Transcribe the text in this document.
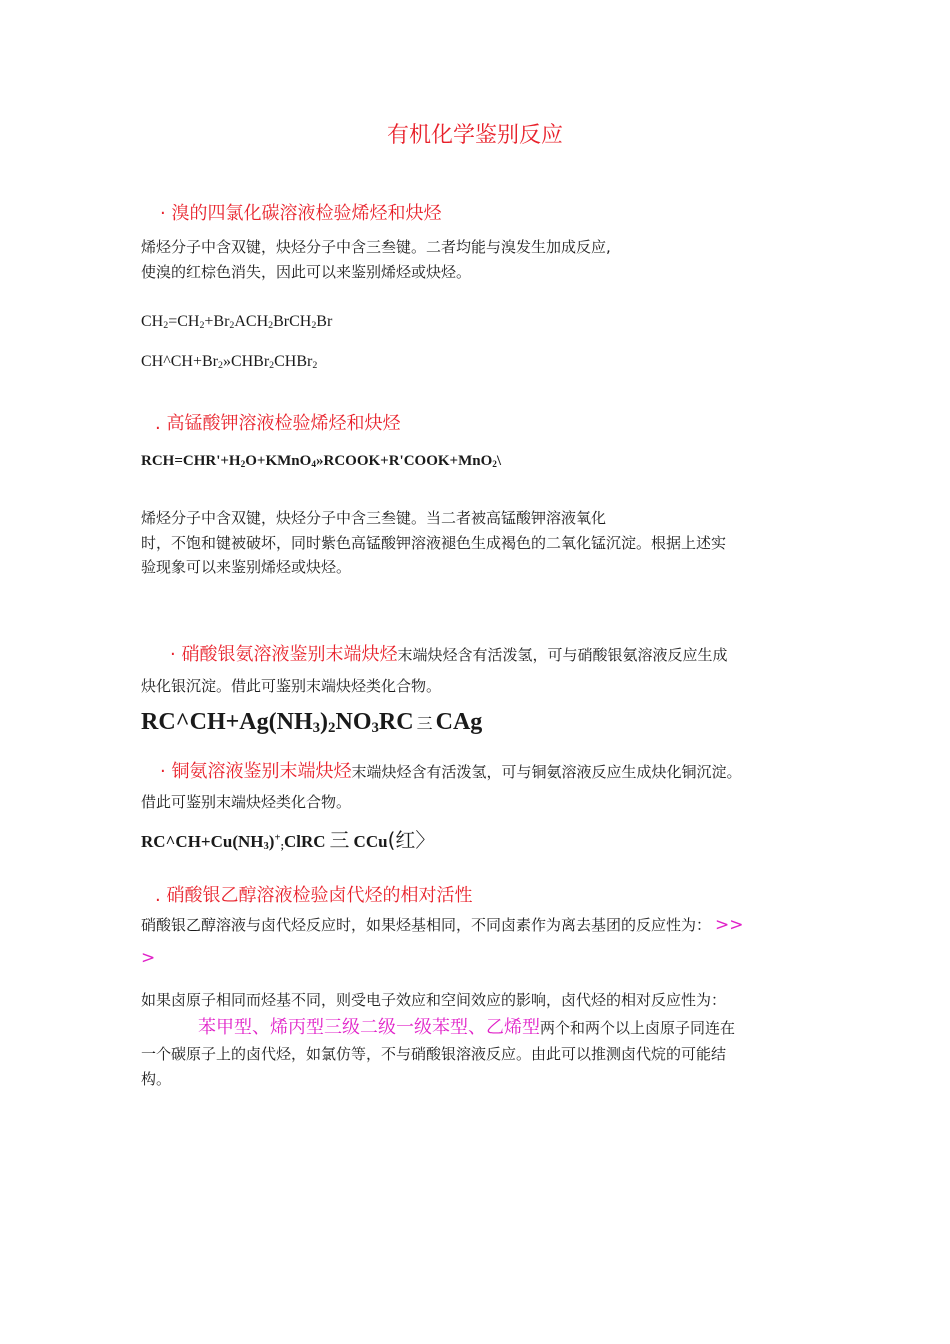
有机化学鉴别反应
· 溴的四氯化碳溶液检验烯烃和炔烃
烯烃分子中含双键，炔烃分子中含三叁键。二者均能与溴发生加成反应,
使溴的红棕色消失，因此可以来鉴别烯烃或炔烃。
$CH_2=CH_2+Br_2ACH_2BrCH_2Br$
$CH\^{}CH+Br_2»CHBr_2CHBr_2$
. 高锰酸钾溶液检验烯烃和炔烃
$RCH=CHR'+H_2O+KMnO_4»RCOOK+R'COOK+MnO_2\backslash$
烯烃分子中含双键，炔烃分子中含三叁键。当二者被高锰酸钾溶液氧化
时，不饱和键被破坏，同时紫色高锰酸钾溶液褪色生成褐色的二氧化锰沉淀。根据上述实
验现象可以来鉴别烯烃或炔烃。
· 硝酸银氨溶液鉴别末端炔烃末端炔烃含有活泼氢，可与硝酸银氨溶液反应生成
炔化银沉淀。借此可鉴别末端炔烃类化合物。
$RC\^{}CH+Ag(NH_3)_2NO_3RC$ 三 CAg
· 铜氨溶液鉴别末端炔烃末端炔烃含有活泼氢，可与铜氨溶液反应生成炔化铜沉淀。
借此可鉴别末端炔烃类化合物。
$RC\^{}CH+Cu(NH_3)^+_;ClRC$ 三 CCu(红〉
. 硝酸银乙醇溶液检验卤代烃的相对活性
硝酸银乙醇溶液与卤代烃反应时，如果烃基相同，不同卤素作为离去基团的反应性为： >>
>
如果卤原子相同而烃基不同，则受电子效应和空间效应的影响，卤代烃的相对反应性为：
苯甲型、烯丙型三级二级一级苯型、乙烯型两个和两个以上卤原子同连在
一个碳原子上的卤代烃，如氯仿等，不与硝酸银溶液反应。由此可以推测卤代烷的可能结
构。
